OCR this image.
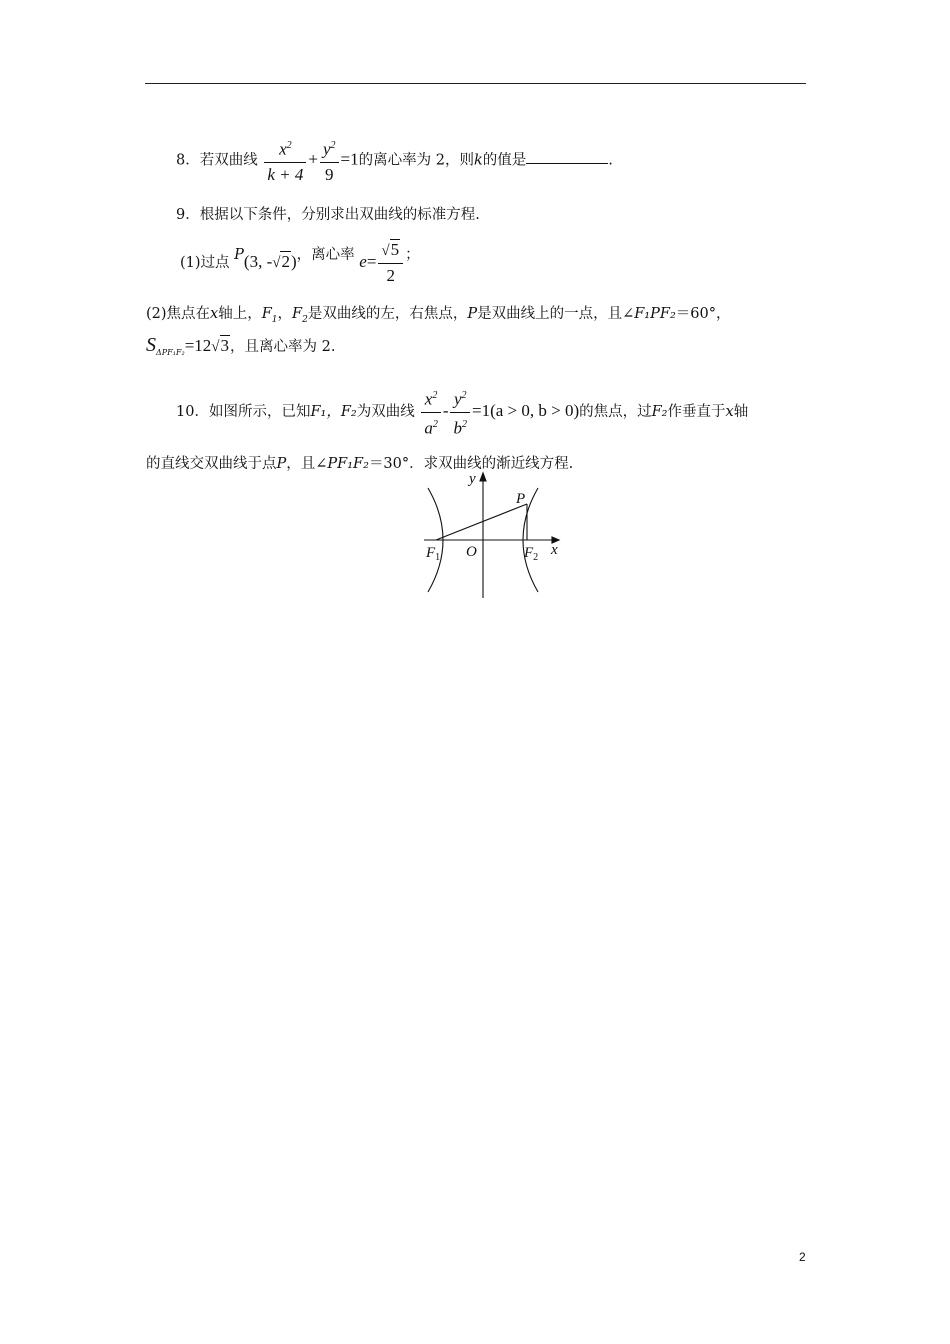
8．若双曲线 $\frac{x^2}{k + 4} + \frac{y^2}{9} =1$的离心率为 2，则k的值是	.
9．根据以下条件，分别求出双曲线的标准方程.
(1)过点 P(3, -√2)，离心率 $e= \frac{√5}{2}$ ；
(2)焦点在x轴上，$F_1$，$F_2$是双曲线的左，右焦点，P是双曲线上的一点，且∠F₁PF₂＝60°，
$S_{\Delta PF_1F_2}=12√3$，且离心率为 2.
10．如图所示，已知F₁，F₂为双曲线 $\frac{x^2}{a^2} - \frac{y^2}{b^2} =1(a > 0$, b > 0)的焦点，过F₂作垂直于x轴
的直线交双曲线于点P，且∠PF₁F₂＝30°．求双曲线的渐近线方程.
y
P
O	x
$F_1$	$F_2$
2
